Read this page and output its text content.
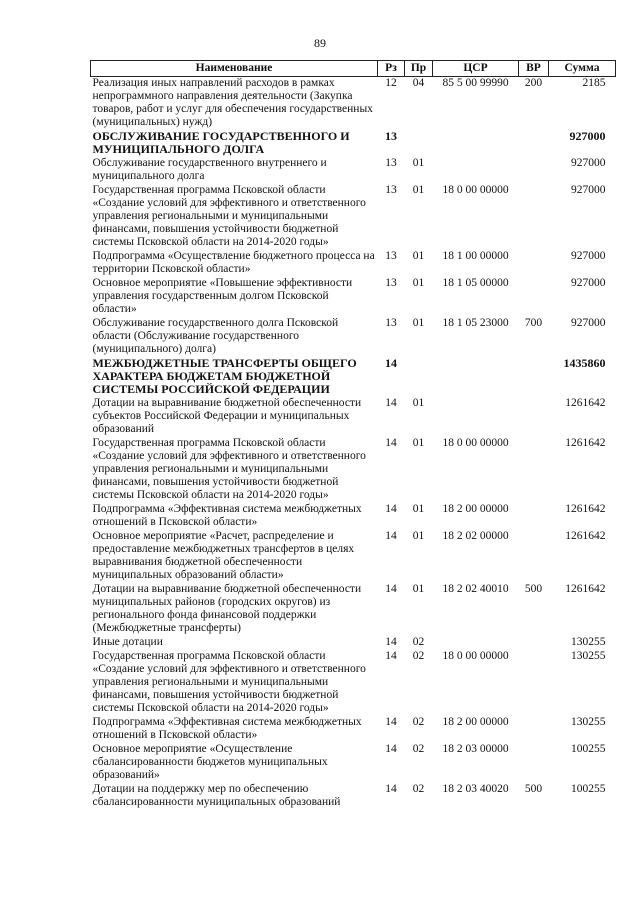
89
Наименование	Рз	Пр	ЦСР	ВР	Сумма
Реализация иных направлений расходов в рамках непрограммного направления деятельности (Закупка товаров, работ и услуг для обеспечения государственных (муниципальных) нужд)	12	04	85 5 00 99990	200	2185
ОБСЛУЖИВАНИЕ ГОСУДАРСТВЕННОГО И МУНИЦИПАЛЬНОГО ДОЛГА	13				927000
Обслуживание государственного внутреннего и муниципального долга	13	01			927000
Государственная программа Псковской области «Создание условий для эффективного и ответственного управления региональными и муниципальными финансами, повышения устойчивости бюджетной системы Псковской области на 2014-2020 годы»	13	01	18 0 00 00000		927000
Подпрограмма «Осуществление бюджетного процесса на территории Псковской области»	13	01	18 1 00 00000		927000
Основное мероприятие «Повышение эффективности управления государственным долгом Псковской области»	13	01	18 1 05 00000		927000
Обслуживание государственного долга Псковской области (Обслуживание государственного (муниципального) долга)	13	01	18 1 05 23000	700	927000
МЕЖБЮДЖЕТНЫЕ ТРАНСФЕРТЫ ОБЩЕГО ХАРАКТЕРА БЮДЖЕТАМ БЮДЖЕТНОЙ СИСТЕМЫ РОССИЙСКОЙ ФЕДЕРАЦИИ	14				1435860
Дотации на выравнивание бюджетной обеспеченности субъектов Российской Федерации и муниципальных образований	14	01			1261642
Государственная программа Псковской области «Создание условий для эффективного и ответственного управления региональными и муниципальными финансами, повышения устойчивости бюджетной системы Псковской области на 2014-2020 годы»	14	01	18 0 00 00000		1261642
Подпрограмма «Эффективная система межбюджетных отношений в Псковской области»	14	01	18 2 00 00000		1261642
Основное мероприятие «Расчет, распределение и предоставление межбюджетных трансфертов в целях выравнивания бюджетной обеспеченности муниципальных образований области»	14	01	18 2 02 00000		1261642
Дотации на выравнивание бюджетной обеспеченности муниципальных районов (городских округов) из регионального фонда финансовой поддержки (Межбюджетные трансферты)	14	01	18 2 02 40010	500	1261642
Иные дотации	14	02			130255
Государственная программа Псковской области «Создание условий для эффективного и ответственного управления региональными и муниципальными финансами, повышения устойчивости бюджетной системы Псковской области на 2014-2020 годы»	14	02	18 0 00 00000		130255
Подпрограмма «Эффективная система межбюджетных отношений в Псковской области»	14	02	18 2 00 00000		130255
Основное мероприятие «Осуществление сбалансированности бюджетов муниципальных образований»	14	02	18 2 03 00000		100255
Дотации на поддержку мер по обеспечению сбалансированности муниципальных образований	14	02	18 2 03 40020	500	100255
